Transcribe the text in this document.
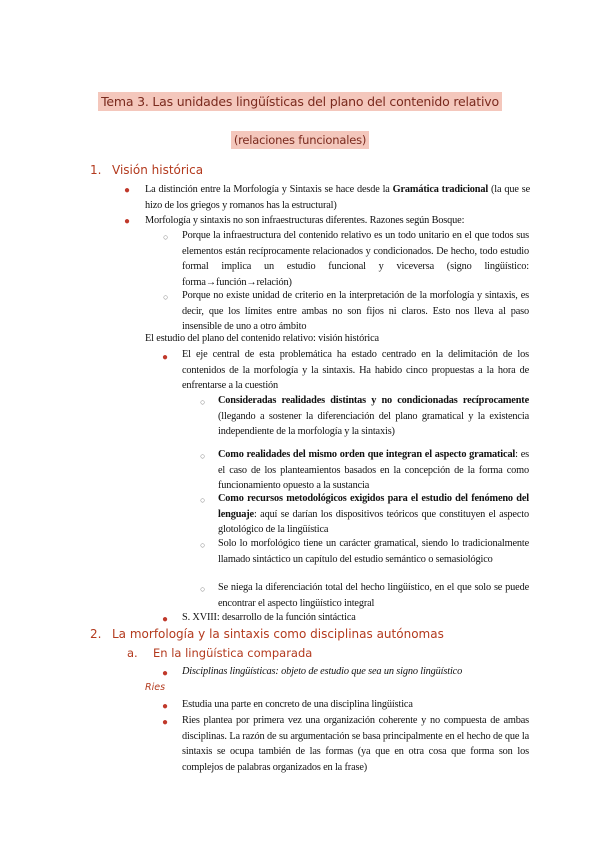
Tema 3. Las unidades lingüísticas del plano del contenido relativo
(relaciones funcionales)
1. Visión histórica
● La distinción entre la Morfología y Sintaxis se hace desde la Gramática tradicional (la que se hizo de los griegos y romanos has la estructural)
● Morfología y sintaxis no son infraestructuras diferentes. Razones según Bosque:
○ Porque la infraestructura del contenido relativo es un todo unitario en el que todos sus elementos están recíprocamente relacionados y condicionados. De hecho, todo estudio formal implica un estudio funcional y viceversa (signo lingüístico: forma→función→relación)
○ Porque no existe unidad de criterio en la interpretación de la morfología y sintaxis, es decir, que los límites entre ambas no son fijos ni claros. Esto nos lleva al paso insensible de uno a otro ámbito
El estudio del plano del contenido relativo: visión histórica
● El eje central de esta problemática ha estado centrado en la delimitación de los contenidos de la morfología y la sintaxis. Ha habido cinco propuestas a la hora de enfrentarse a la cuestión
○ Consideradas realidades distintas y no condicionadas recíprocamente (llegando a sostener la diferenciación del plano gramatical y la existencia independiente de la morfología y la sintaxis)
○ Como realidades del mismo orden que integran el aspecto gramatical: es el caso de los planteamientos basados en la concepción de la forma como funcionamiento opuesto a la sustancia
○ Como recursos metodológicos exigidos para el estudio del fenómeno del lenguaje: aquí se darían los dispositivos teóricos que constituyen el aspecto glotológico de la lingüística
○ Solo lo morfológico tiene un carácter gramatical, siendo lo tradicionalmente llamado sintáctico un capítulo del estudio semántico o semasiológico
○ Se niega la diferenciación total del hecho lingüístico, en el que solo se puede encontrar el aspecto lingüístico integral
● S. XVIII: desarrollo de la función sintáctica
2. La morfología y la sintaxis como disciplinas autónomas
a. En la lingüística comparada
● Disciplinas lingüísticas: objeto de estudio que sea un signo lingüístico
Ries
● Estudia una parte en concreto de una disciplina lingüística
● Ries plantea por primera vez una organización coherente y no compuesta de ambas disciplinas. La razón de su argumentación se basa principalmente en el hecho de que la sintaxis se ocupa también de las formas (ya que en otra cosa que forma son los complejos de palabras organizados en la frase)
